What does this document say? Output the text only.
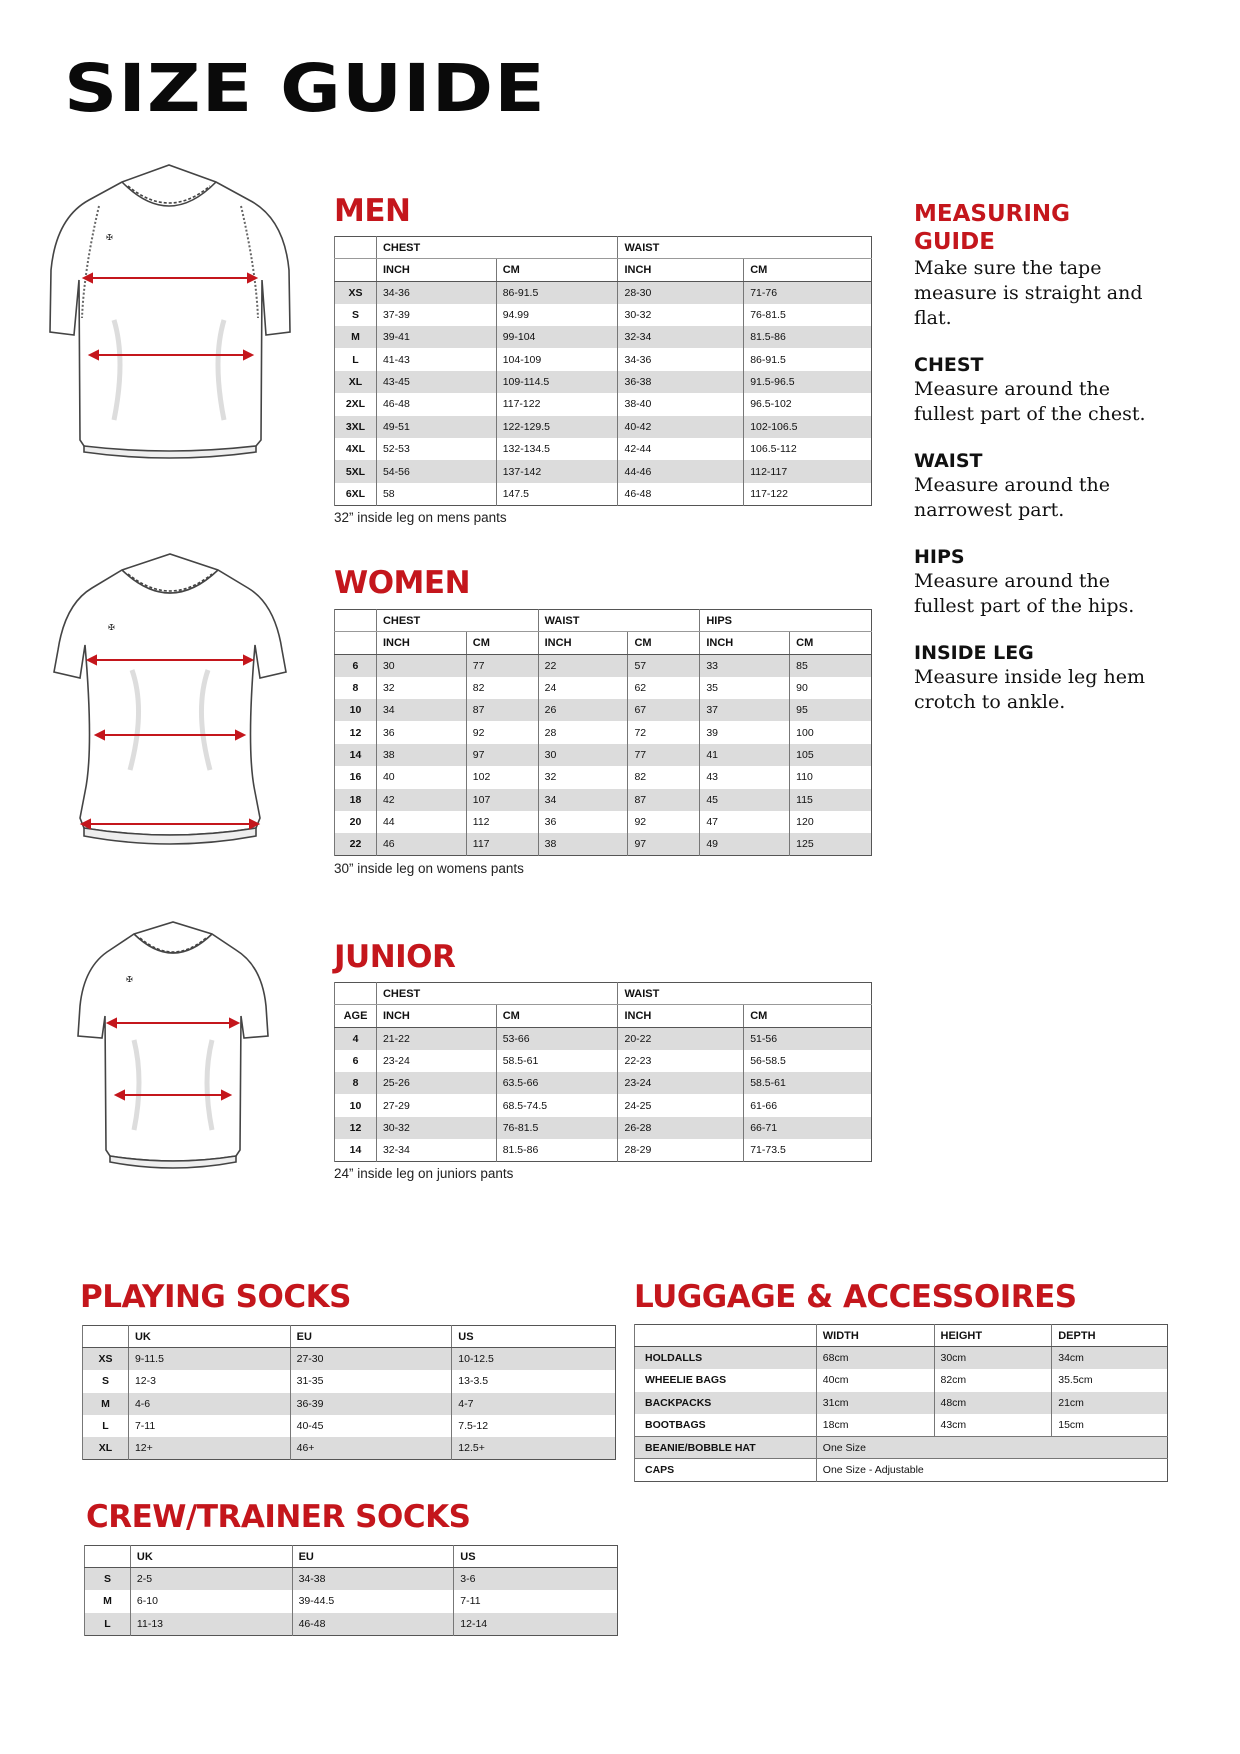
SIZE GUIDE
✠
✠
✠
MEN
	CHEST		WAIST	
	INCH	CM	INCH	CM
XS	34-36	86-91.5	28-30	71-76
S	37-39	94.99	30-32	76-81.5
M	39-41	99-104	32-34	81.5-86
L	41-43	104-109	34-36	86-91.5
XL	43-45	109-114.5	36-38	91.5-96.5
2XL	46-48	117-122	38-40	96.5-102
3XL	49-51	122-129.5	40-42	102-106.5
4XL	52-53	132-134.5	42-44	106.5-112
5XL	54-56	137-142	44-46	112-117
6XL	58	147.5	46-48	117-122
32” inside leg on mens pants
WOMEN
	CHEST		WAIST		HIPS	
	INCH	CM	INCH	CM	INCH	CM
6	30	77	22	57	33	85
8	32	82	24	62	35	90
10	34	87	26	67	37	95
12	36	92	28	72	39	100
14	38	97	30	77	41	105
16	40	102	32	82	43	110
18	42	107	34	87	45	115
20	44	112	36	92	47	120
22	46	117	38	97	49	125
30” inside leg on womens pants
JUNIOR
	CHEST		WAIST	
AGE	INCH	CM	INCH	CM
4	21-22	53-66	20-22	51-56
6	23-24	58.5-61	22-23	56-58.5
8	25-26	63.5-66	23-24	58.5-61
10	27-29	68.5-74.5	24-25	61-66
12	30-32	76-81.5	26-28	66-71
14	32-34	81.5-86	28-29	71-73.5
24” inside leg on juniors pants
MEASURING GUIDE
Make sure the tape measure is straight and flat.
CHEST
Measure around the fullest part of the chest.
WAIST
Measure around the narrowest part.
HIPS
Measure around the fullest part of the hips.
INSIDE LEG
Measure inside leg hem crotch to ankle.
PLAYING SOCKS
	UK	EU	US
XS	9-11.5	27-30	10-12.5
S	12-3	31-35	13-3.5
M	4-6	36-39	4-7
L	7-11	40-45	7.5-12
XL	12+	46+	12.5+
CREW/TRAINER SOCKS
	UK	EU	US
S	2-5	34-38	3-6
M	6-10	39-44.5	7-11
L	11-13	46-48	12-14
LUGGAGE & ACCESSOIRES
	WIDTH	HEIGHT	DEPTH
HOLDALLS	68cm	30cm	34cm
WHEELIE BAGS	40cm	82cm	35.5cm
BACKPACKS	31cm	48cm	21cm
BOOTBAGS	18cm	43cm	15cm
BEANIE/BOBBLE HAT	One Size		
CAPS	One Size - Adjustable		
